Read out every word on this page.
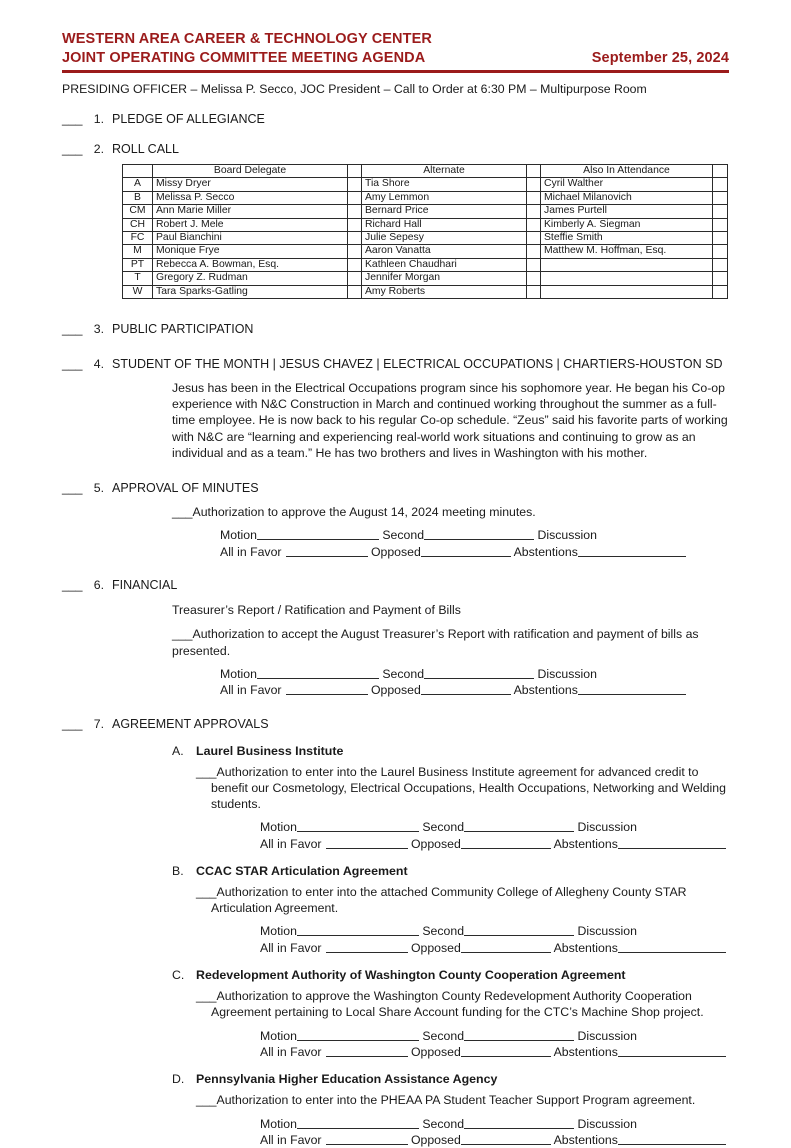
WESTERN AREA CAREER & TECHNOLOGY CENTER
JOINT OPERATING COMMITTEE MEETING AGENDA	September 25, 2024
PRESIDING OFFICER – Melissa P. Secco, JOC President – Call to Order at 6:30 PM – Multipurpose Room
___ 1. PLEDGE OF ALLEGIANCE
___ 2. ROLL CALL
	Board Delegate		Alternate		Also In Attendance	
A	Missy Dryer		Tia Shore		Cyril Walther	
B	Melissa P. Secco		Amy Lemmon		Michael Milanovich	
CM	Ann Marie Miller		Bernard Price		James Purtell	
CH	Robert J. Mele		Richard Hall		Kimberly A. Siegman	
FC	Paul Bianchini		Julie Sepesy		Steffie Smith	
M	Monique Frye		Aaron Vanatta		Matthew M. Hoffman, Esq.	
PT	Rebecca A. Bowman, Esq.		Kathleen Chaudhari			
T	Gregory Z. Rudman		Jennifer Morgan			
W	Tara Sparks-Gatling		Amy Roberts			
___ 3. PUBLIC PARTICIPATION
___ 4. STUDENT OF THE MONTH | JESUS CHAVEZ | ELECTRICAL OCCUPATIONS | CHARTIERS-HOUSTON SD
Jesus has been in the Electrical Occupations program since his sophomore year. He began his Co-op experience with N&C Construction in March and continued working throughout the summer as a full-time employee. He is now back to his regular Co-op schedule. “Zeus” said his favorite parts of working with N&C are “learning and experiencing real-world work situations and continuing to grow as an individual and as a team.” He has two brothers and lives in Washington with his mother.
___ 5. APPROVAL OF MINUTES
___Authorization to approve the August 14, 2024 meeting minutes.
Motion	Second	Discussion
All in Favor	Opposed	Abstentions
___ 6. FINANCIAL
Treasurer’s Report / Ratification and Payment of Bills
___Authorization to accept the August Treasurer’s Report with ratification and payment of bills as presented.
Motion	Second	Discussion
All in Favor	Opposed	Abstentions
___ 7. AGREEMENT APPROVALS
A. Laurel Business Institute
___Authorization to enter into the Laurel Business Institute agreement for advanced credit to benefit our Cosmetology, Electrical Occupations, Health Occupations, Networking and Welding students.
Motion	Second	Discussion
All in Favor	Opposed	Abstentions
B. CCAC STAR Articulation Agreement
___Authorization to enter into the attached Community College of Allegheny County STAR Articulation Agreement.
Motion	Second	Discussion
All in Favor	Opposed	Abstentions
C. Redevelopment Authority of Washington County Cooperation Agreement
___Authorization to approve the Washington County Redevelopment Authority Cooperation Agreement pertaining to Local Share Account funding for the CTC’s Machine Shop project.
Motion	Second	Discussion
All in Favor	Opposed	Abstentions
D. Pennsylvania Higher Education Assistance Agency
___Authorization to enter into the PHEAA PA Student Teacher Support Program agreement.
Motion	Second	Discussion
All in Favor	Opposed	Abstentions
